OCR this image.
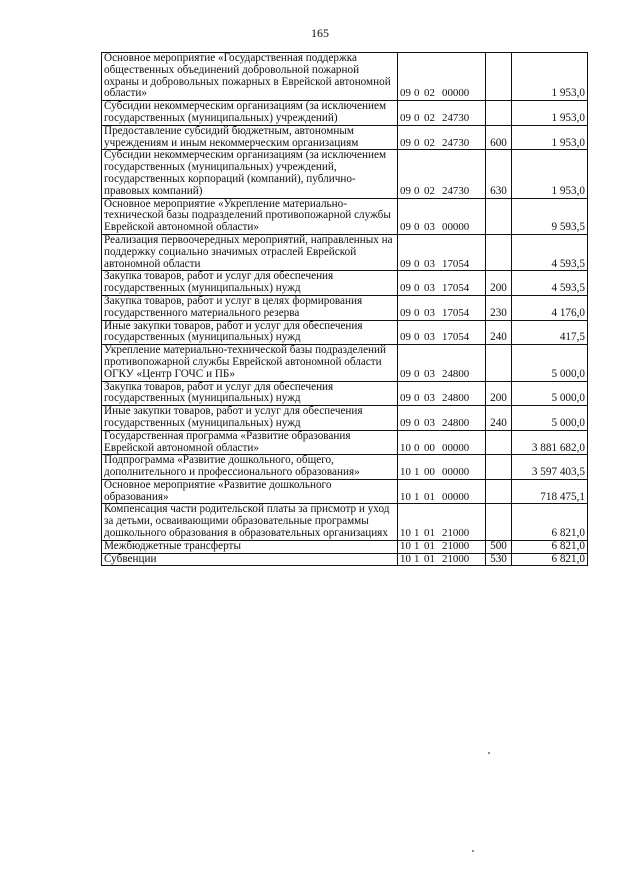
165
Основное мероприятие «Государственная поддержка общественных объединений добровольной пожарной охраны и добровольных пожарных в Еврейской автономной области»	09 0 02 00000		1 953,0
Субсидии некоммерческим организациям (за исключением государственных (муниципальных) учреждений)	09 0 02 24730		1 953,0
Предоставление субсидий бюджетным, автономным учреждениям и иным некоммерческим организациям	09 0 02 24730	600	1 953,0
Субсидии некоммерческим организациям (за исключением государственных (муниципальных) учреждений, государственных корпораций (компаний), публично-правовых компаний)	09 0 02 24730	630	1 953,0
Основное мероприятие «Укрепление материально-технической базы подразделений противопожарной службы Еврейской автономной области»	09 0 03 00000		9 593,5
Реализация первоочередных мероприятий, направленных на поддержку социально значимых отраслей Еврейской автономной области	09 0 03 17054		4 593,5
Закупка товаров, работ и услуг для обеспечения государственных (муниципальных) нужд	09 0 03 17054	200	4 593,5
Закупка товаров, работ и услуг в целях формирования государственного материального резерва	09 0 03 17054	230	4 176,0
Иные закупки товаров, работ и услуг для обеспечения государственных (муниципальных) нужд	09 0 03 17054	240	417,5
Укрепление материально-технической базы подразделений противопожарной службы Еврейской автономной области ОГКУ «Центр ГОЧС и ПБ»	09 0 03 24800		5 000,0
Закупка товаров, работ и услуг для обеспечения государственных (муниципальных) нужд	09 0 03 24800	200	5 000,0
Иные закупки товаров, работ и услуг для обеспечения государственных (муниципальных) нужд	09 0 03 24800	240	5 000,0
Государственная программа «Развитие образования Еврейской автономной области»	10 0 00 00000		3 881 682,0
Подпрограмма «Развитие дошкольного, общего, дополнительного и профессионального образования»	10 1 00 00000		3 597 403,5
Основное мероприятие «Развитие дошкольного образования»	10 1 01 00000		718 475,1
Компенсация части родительской платы за присмотр и уход за детьми, осваивающими образовательные программы дошкольного образования в образовательных организациях	10 1 01 21000		6 821,0
Межбюджетные трансферты	10 1 01 21000	500	6 821,0
Субвенции	10 1 01 21000	530	6 821,0
